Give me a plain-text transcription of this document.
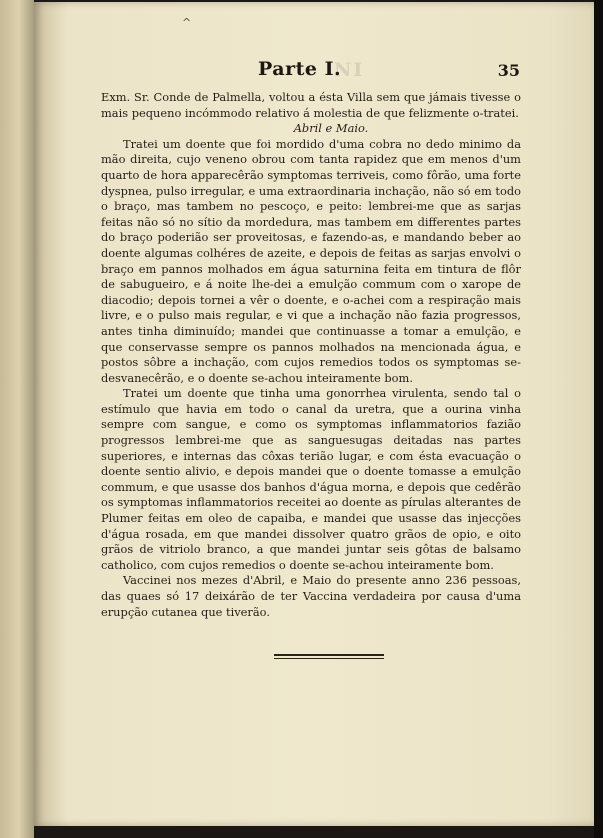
^
NI
Parte I.	35

Exm. Sr. Conde de Palmella, voltou a ésta Villa sem que jámais tivesse o mais pequeno incómmodo relativo á molestia de que felizmente o-tratei.

Abril e Maio.

Tratei um doente que foi mordido d'uma cobra no dedo minimo da mão direita, cujo veneno obrou com tanta rapidez que em menos d'um quarto de hora apparecêrão symptomas terriveis, como fôrão, uma forte dyspnea, pulso irregular, e uma extraordinaria inchação, não só em todo o braço, mas tambem no pescoço, e peito: lembrei-me que as sarjas feitas não só no sítio da mordedura, mas tambem em differentes partes do braço poderião ser proveitosas, e fazendo-as, e mandando beber ao doente algumas colhéres de azeite, e depois de feitas as sarjas envolvi o braço em pannos molhados em água saturnina feita em tintura de flôr de sabugueiro, e á noite lhe-dei a emulção commum com o xarope de diacodio; depois tornei a vêr o doente, e o-achei com a respiração mais livre, e o pulso mais regular, e vi que a inchação não fazia progressos, antes tinha diminuído; mandei que continuasse a tomar a emulção, e que conservasse sempre os pannos molhados na mencionada água, e postos sôbre a inchação, com cujos remedios todos os symptomas se-desvanecêrão, e o doente se-achou inteiramente bom.

Tratei um doente que tinha uma gonorrhea virulenta, sendo tal o estímulo que havia em todo o canal da uretra, que a ourina vinha sempre com sangue, e como os symptomas inflammatorios fazião progressos lembrei-me que as sanguesugas deitadas nas partes superiores, e internas das côxas terião lugar, e com ésta evacuação o doente sentio alivio, e depois mandei que o doente tomasse a emulção commum, e que usasse dos banhos d'água morna, e depois que cedêrão os symptomas inflammatorios receitei ao doente as pírulas alterantes de Plumer feitas em oleo de capaiba, e mandei que usasse das injecções d'água rosada, em que mandei dissolver quatro grãos de opio, e oito grãos de vitriolo branco, a que mandei juntar seis gôtas de balsamo catholico, com cujos remedios o doente se-achou inteiramente bom.

Vaccinei nos mezes d'Abril, e Maio do presente anno 236 pessoas, das quaes só 17 deixárão de ter Vaccina verdadeira por causa d'uma erupção cutanea que tiverão.
